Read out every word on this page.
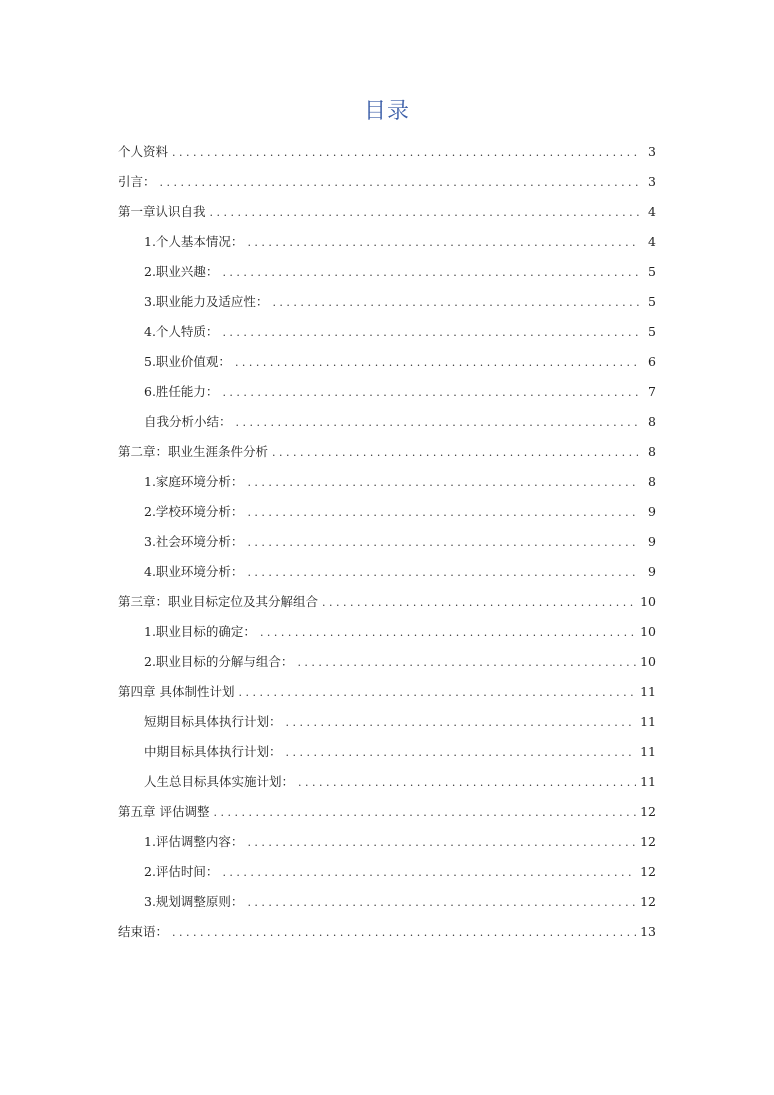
目录
个人资料 . . .	3
引言： . . .	3
第一章认识自我 . . .	4
1.个人基本情况： . . .	4
2.职业兴趣： . . .	5
3.职业能力及适应性： . . .	5
4.个人特质： . . .	5
5.职业价值观： . . .	6
6.胜任能力： . . .	7
自我分析小结： . . .	8
第二章：职业生涯条件分析 . . .	8
1.家庭环境分析： . . .	8
2.学校环境分析： . . .	9
3.社会环境分析： . . .	9
4.职业环境分析： . . .	9
第三章：职业目标定位及其分解组合 . . .	10
1.职业目标的确定： . . .	10
2.职业目标的分解与组合： . . .	10
第四章 具体制性计划 . . .	11
短期目标具体执行计划： . . .	11
中期目标具体执行计划： . . .	11
人生总目标具体实施计划： . . .	11
第五章 评估调整 . . .	12
1.评估调整内容： . . .	12
2.评估时间： . . .	12
3.规划调整原则： . . .	12
结束语： . . .	13
